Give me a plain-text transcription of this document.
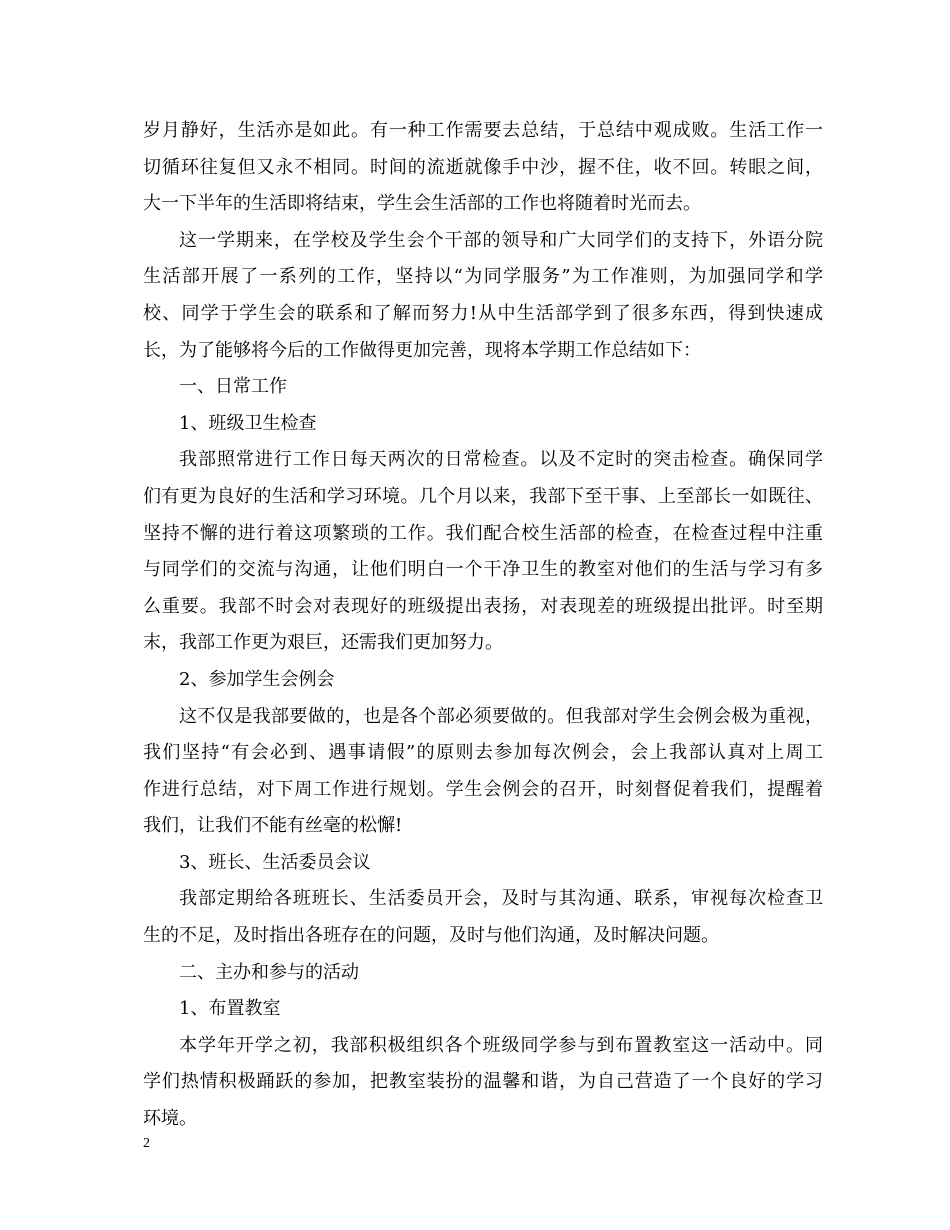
岁月静好，生活亦是如此。有一种工作需要去总结，于总结中观成败。生活工作一
切循环往复但又永不相同。时间的流逝就像手中沙，握不住，收不回。转眼之间，
大一下半年的生活即将结束，学生会生活部的工作也将随着时光而去。
这一学期来，在学校及学生会个干部的领导和广大同学们的支持下，外语分院
生活部开展了一系列的工作，坚持以“为同学服务”为工作准则，为加强同学和学
校、同学于学生会的联系和了解而努力!从中生活部学到了很多东西，得到快速成
长，为了能够将今后的工作做得更加完善，现将本学期工作总结如下：
一、日常工作
1、班级卫生检查
我部照常进行工作日每天两次的日常检查。以及不定时的突击检查。确保同学
们有更为良好的生活和学习环境。几个月以来，我部下至干事、上至部长一如既往、
坚持不懈的进行着这项繁琐的工作。我们配合校生活部的检查，在检查过程中注重
与同学们的交流与沟通，让他们明白一个干净卫生的教室对他们的生活与学习有多
么重要。我部不时会对表现好的班级提出表扬，对表现差的班级提出批评。时至期
末，我部工作更为艰巨，还需我们更加努力。
2、参加学生会例会
这不仅是我部要做的，也是各个部必须要做的。但我部对学生会例会极为重视，
我们坚持“有会必到、遇事请假”的原则去参加每次例会，会上我部认真对上周工
作进行总结，对下周工作进行规划。学生会例会的召开，时刻督促着我们，提醒着
我们，让我们不能有丝毫的松懈!
3、班长、生活委员会议
我部定期给各班班长、生活委员开会，及时与其沟通、联系，审视每次检查卫
生的不足，及时指出各班存在的问题，及时与他们沟通，及时解决问题。
二、主办和参与的活动
1、布置教室
本学年开学之初，我部积极组织各个班级同学参与到布置教室这一活动中。同
学们热情积极踊跃的参加，把教室装扮的温馨和谐，为自己营造了一个良好的学习
环境。
2
